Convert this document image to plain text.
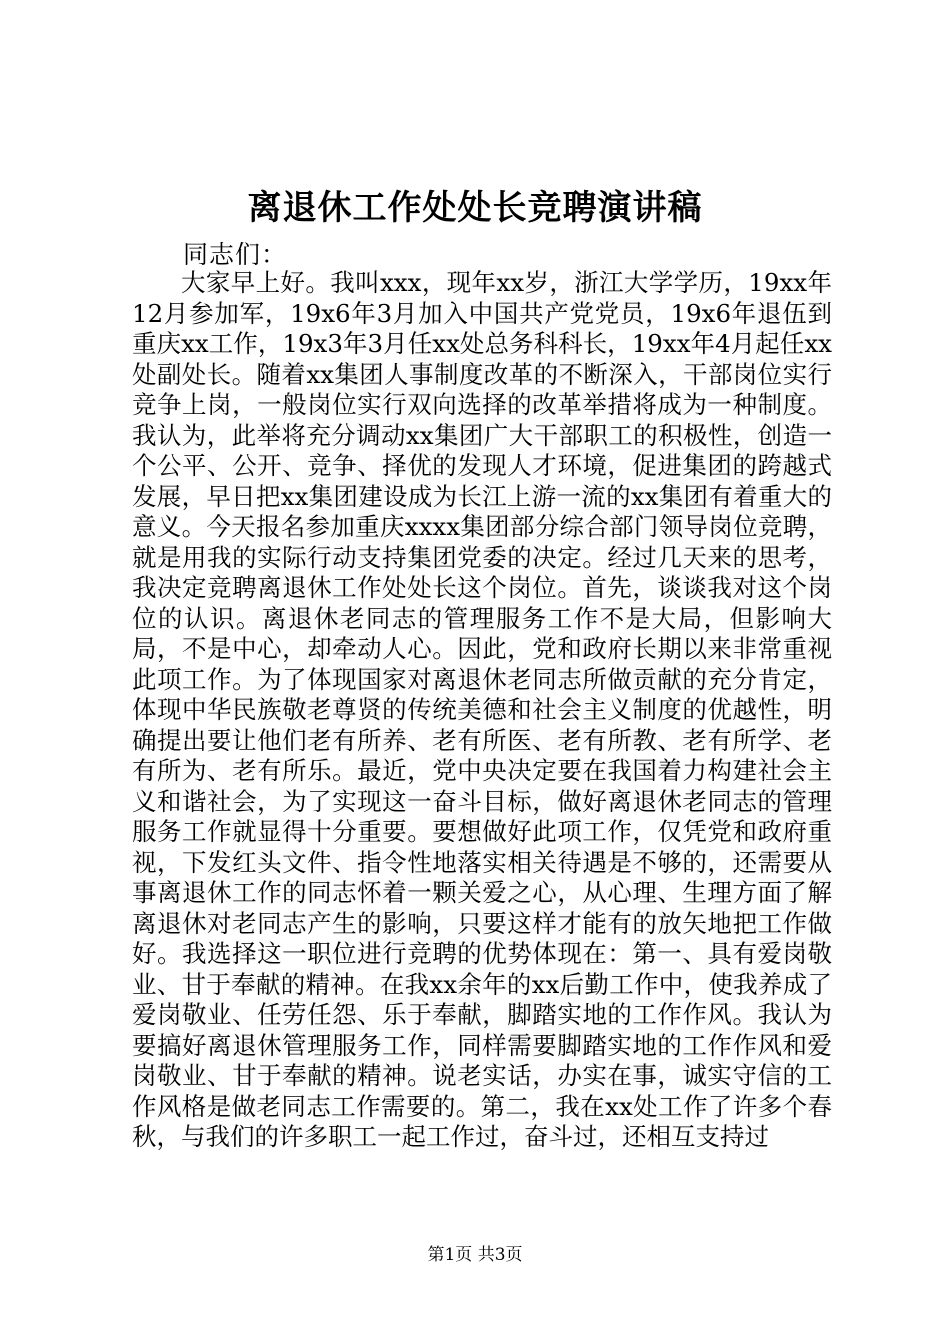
离退休工作处处长竞聘演讲稿
同志们：

大家早上好。我叫xxx，现年xx岁，浙江大学学历，19xx年12月参加军，19x6年3月加入中国共产党党员，19x6年退伍到重庆xx工作，19x3年3月任xx处总务科科长，19xx年4月起任xx处副处长。随着xx集团人事制度改革的不断深入，干部岗位实行竞争上岗，一般岗位实行双向选择的改革举措将成为一种制度。我认为，此举将充分调动xx集团广大干部职工的积极性，创造一个公平、公开、竞争、择优的发现人才环境，促进集团的跨越式发展，早日把xx集团建设成为长江上游一流的xx集团有着重大的意义。今天报名参加重庆xxxx集团部分综合部门领导岗位竞聘，就是用我的实际行动支持集团党委的决定。经过几天来的思考，我决定竞聘离退休工作处处长这个岗位。首先，谈谈我对这个岗位的认识。离退休老同志的管理服务工作不是大局，但影响大局，不是中心，却牵动人心。因此，党和政府长期以来非常重视此项工作。为了体现国家对离退休老同志所做贡献的充分肯定，体现中华民族敬老尊贤的传统美德和社会主义制度的优越性，明确提出要让他们老有所养、老有所医、老有所教、老有所学、老有所为、老有所乐。最近，党中央决定要在我国着力构建社会主义和谐社会，为了实现这一奋斗目标，做好离退休老同志的管理服务工作就显得十分重要。要想做好此项工作，仅凭党和政府重视，下发红头文件、指令性地落实相关待遇是不够的，还需要从事离退休工作的同志怀着一颗关爱之心，从心理、生理方面了解离退休对老同志产生的影响，只要这样才能有的放矢地把工作做好。我选择这一职位进行竞聘的优势体现在：第一、具有爱岗敬业、甘于奉献的精神。在我xx余年的xx后勤工作中，使我养成了爱岗敬业、任劳任怨、乐于奉献，脚踏实地的工作作风。我认为要搞好离退休管理服务工作，同样需要脚踏实地的工作作风和爱岗敬业、甘于奉献的精神。说老实话，办实在事，诚实守信的工作风格是做老同志工作需要的。第二，我在xx处工作了许多个春秋，与我们的许多职工一起工作过，奋斗过，还相互支持过

第1页 共3页
